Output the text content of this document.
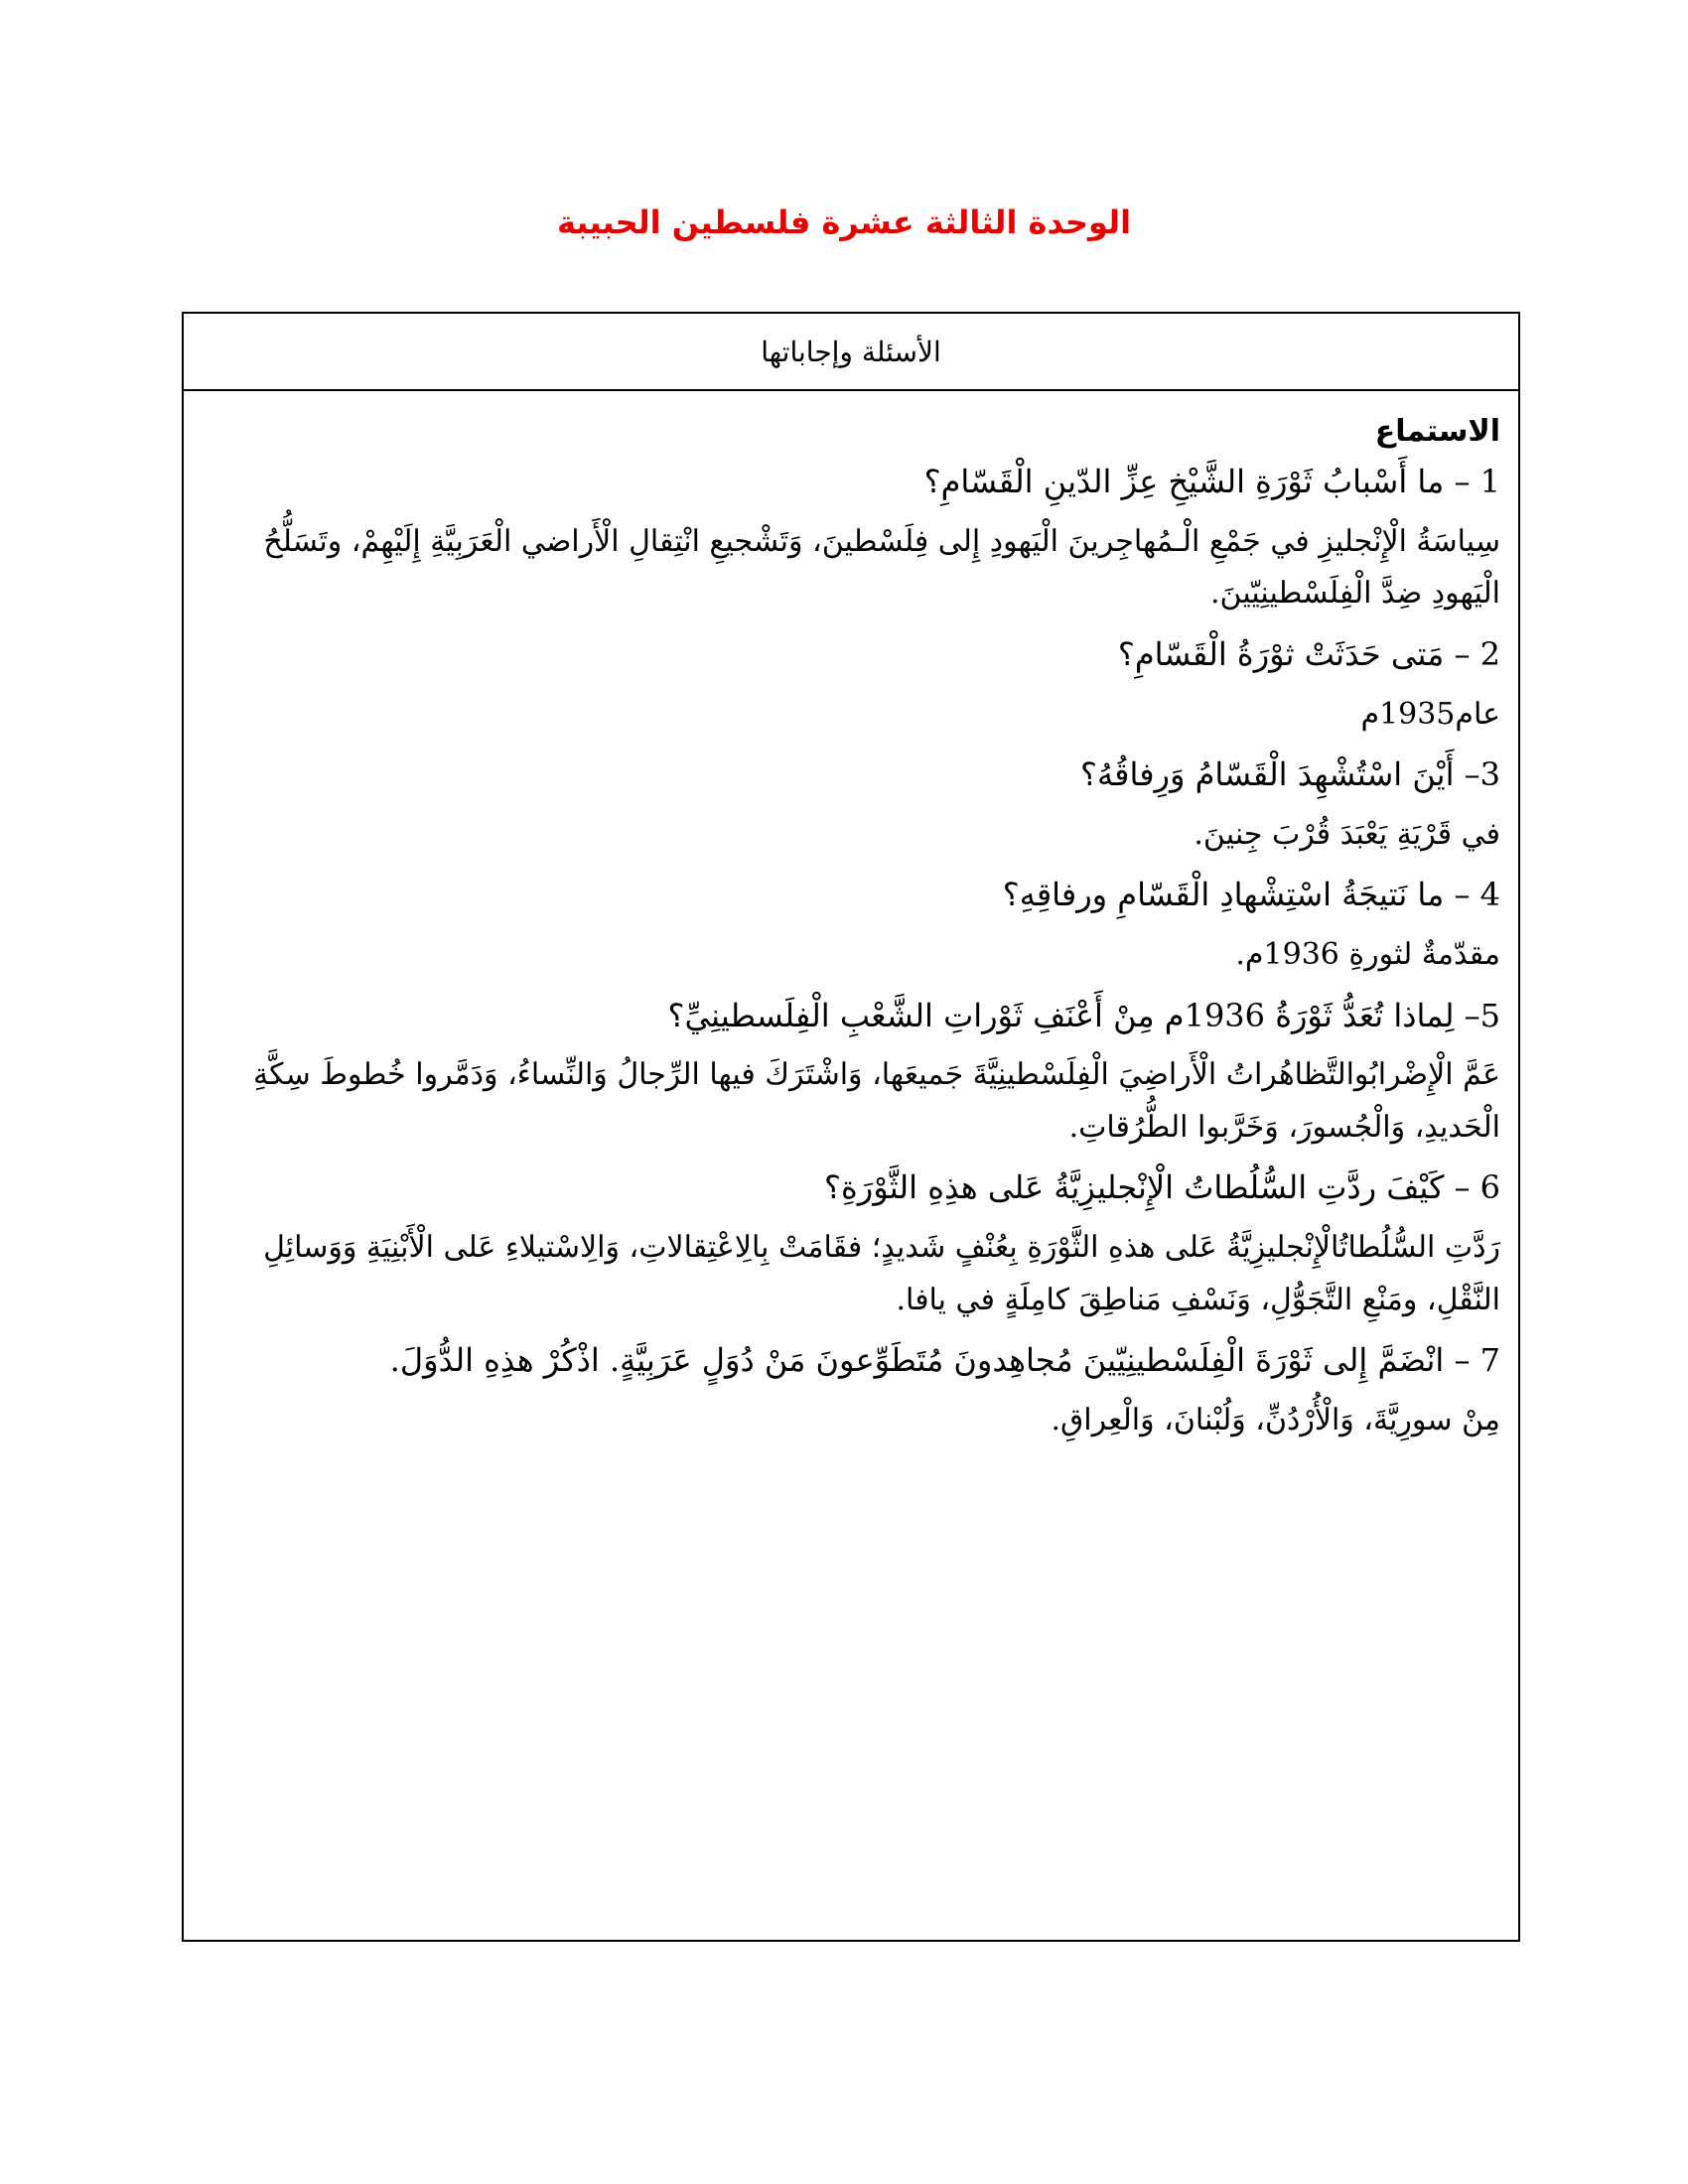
الوحدة الثالثة عشرة فلسطين الحبيبة
الأسئلة وإجاباتها
الاستماع

1 – ما أَسْبابُ ثَوْرَةِ الشَّيْخِ عِزِّ الدّينِ الْقَسّامِ؟

سِياسَةُ الْإِنْجليزِ في جَمْعِ الْـمُهاجِرينَ الْيَهودِ إِلى فِلَسْطينَ، وَتَشْجيعِ انْتِقالِ الْأَراضي الْعَرَبِيَّةِ إِلَيْهِمْ، وتَسَلُّحُ الْيَهودِ ضِدَّ الْفِلَسْطينِيّينَ.

2 – مَتى حَدَثَتْ ثوْرَةُ الْقَسّامِ؟

عام1935م

3– أَيْنَ اسْتُشْهِدَ الْقَسّامُ وَرِفاقُهُ؟

في قَرْيَةِ يَعْبَدَ قُرْبَ جِنينَ.

4 – ما نَتيجَةُ اسْتِشْهادِ الْقَسّامِ ورفاقِهِ؟

مقدّمةٌ لثورةِ 1936م.

5– لِماذا تُعَدُّ ثَوْرَةُ 1936م مِنْ أَعْنَفِ ثَوْراتِ الشَّعْبِ الْفِلَسطينِيِّ؟

عَمَّ الْإِضْرابُوالتَّظاهُراتُ الْأَراضِيَ الْفِلَسْطينِيَّةَ جَميعَها، وَاشْتَرَكَ فيها الرِّجالُ وَالنِّساءُ، وَدَمَّروا خُطوطَ سِكَّةِ الْحَديدِ، وَالْجُسورَ، وَخَرَّبوا الطُّرُقاتِ.

6 – كَيْفَ ردَّتِ السُّلُطاتُ الْإِنْجليزِيَّةُ عَلى هذِهِ الثَّوْرَةِ؟

رَدَّتِ السُّلُطاتُالْإِنْجليزِيَّةُ عَلى هذهِ الثَّوْرَةِ بِعُنْفٍ شَديدٍ؛ فقَامَتْ بِالِاعْتِقالاتِ، وَالِاسْتيلاءِ عَلى الْأَبْنِيَةِ وَوَسائِلِ النَّقْلِ، ومَنْعِ التَّجَوُّلِ، وَنَسْفِ مَناطِقَ كامِلَةٍ في يافا.

7 – انْضَمَّ إِلى ثَوْرَةَ الْفِلَسْطينِيّينَ مُجاهِدونَ مُتَطَوِّعونَ مَنْ دُوَلٍ عَرَبِيَّةٍ. اذْكُرْ هذِهِ الدُّوَلَ.

مِنْ سورِيَّةَ، وَالْأُرْدُنِّ، وَلُبْنانَ، وَالْعِراقِ.
